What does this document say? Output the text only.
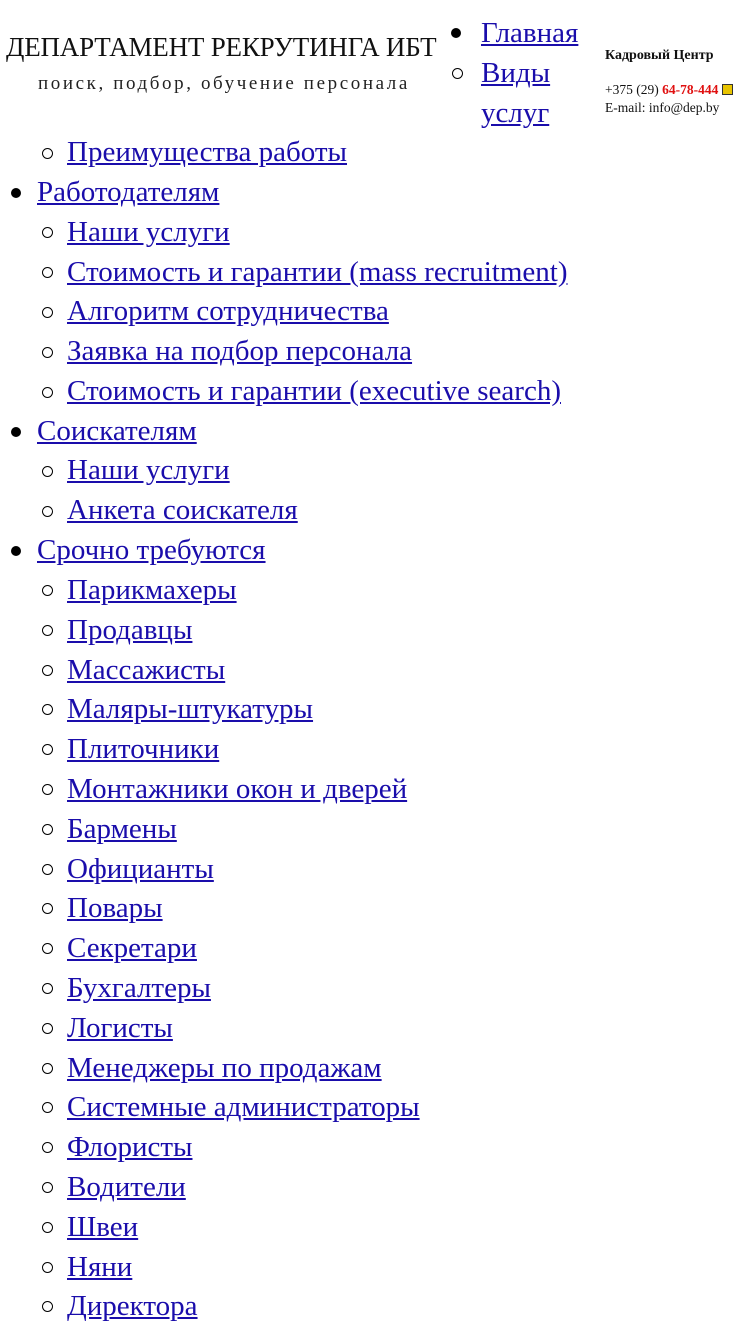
ДЕПАРТАМЕНТ РЕКРУТИНГА ИБТ
поиск, подбор, обучение персонала
Кадровый Центр
+375 (29) 64-78-444
E-mail: info@dep.by
Главная
Виды услуг
Преимущества работы
Работодателям
Наши услуги
Стоимость и гарантии (mass recruitment)
Алгоритм сотрудничества
Заявка на подбор персонала
Стоимость и гарантии (executive search)
Соискателям
Наши услуги
Анкета соискателя
Срочно требуются
Парикмахеры
Продавцы
Массажисты
Маляры-штукатуры
Плиточники
Монтажники окон и дверей
Бармены
Официанты
Повары
Секретари
Бухгалтеры
Логисты
Менеджеры по продажам
Системные администраторы
Флористы
Водители
Швеи
Няни
Директора
